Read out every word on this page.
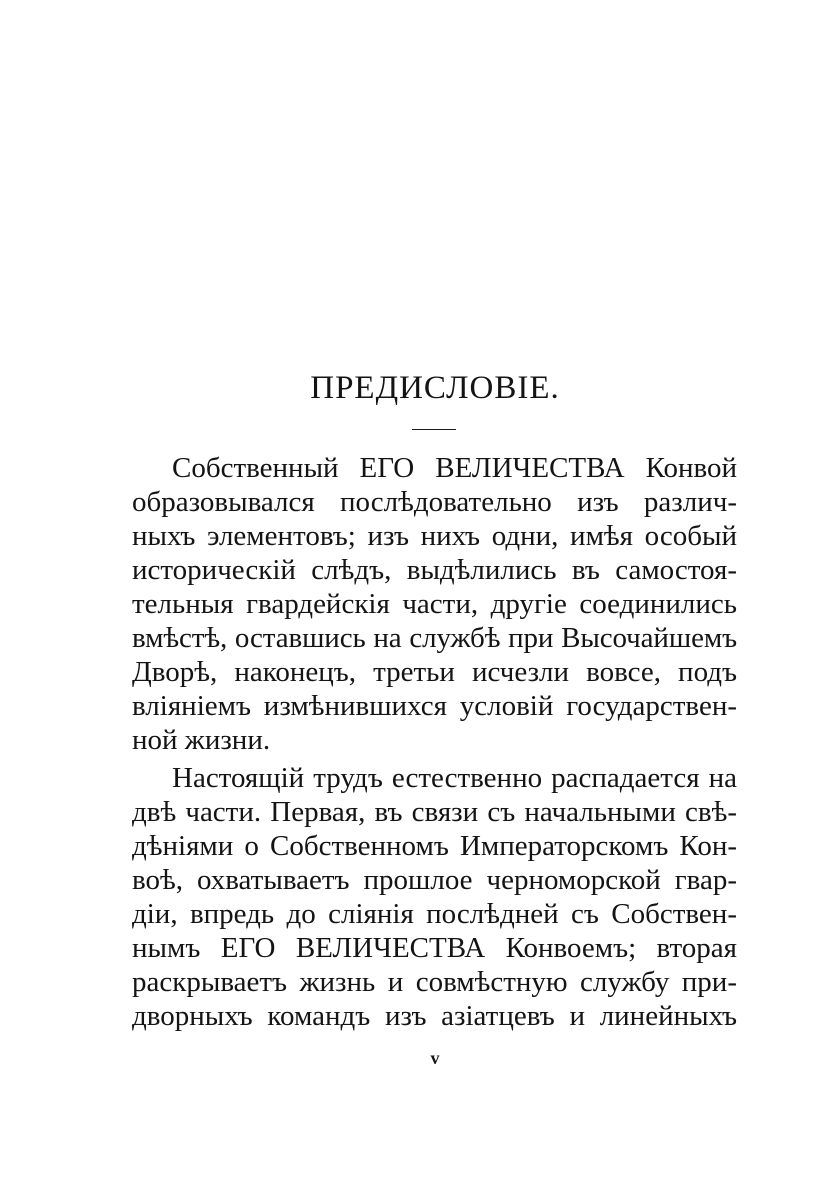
ПРЕДИСЛОВІЕ.
Собственный ЕГО ВЕЛИЧЕСТВА Конвой
образовывался послѣдовательно изъ различ-
ныхъ элементовъ; изъ нихъ одни, имѣя особый
историческій слѣдъ, выдѣлились въ самостоя-
тельныя гвардейскія части, другіе соединились
вмѣстѣ, оставшись на службѣ при Высочайшемъ
Дворѣ, наконецъ, третьи исчезли вовсе, подъ
вліяніемъ измѣнившихся условій государствен-
ной жизни.
Настоящій трудъ естественно распадается на
двѣ части. Первая, въ связи съ начальными свѣ-
дѣніями о Собственномъ Императорскомъ Кон-
воѣ, охватываетъ прошлое черноморской гвар-
діи, впредь до сліянія послѣдней съ Собствен-
нымъ ЕГО ВЕЛИЧЕСТВА Конвоемъ; вторая
раскрываетъ жизнь и совмѣстную службу при-
дворныхъ командъ изъ азіатцевъ и линейныхъ
v
